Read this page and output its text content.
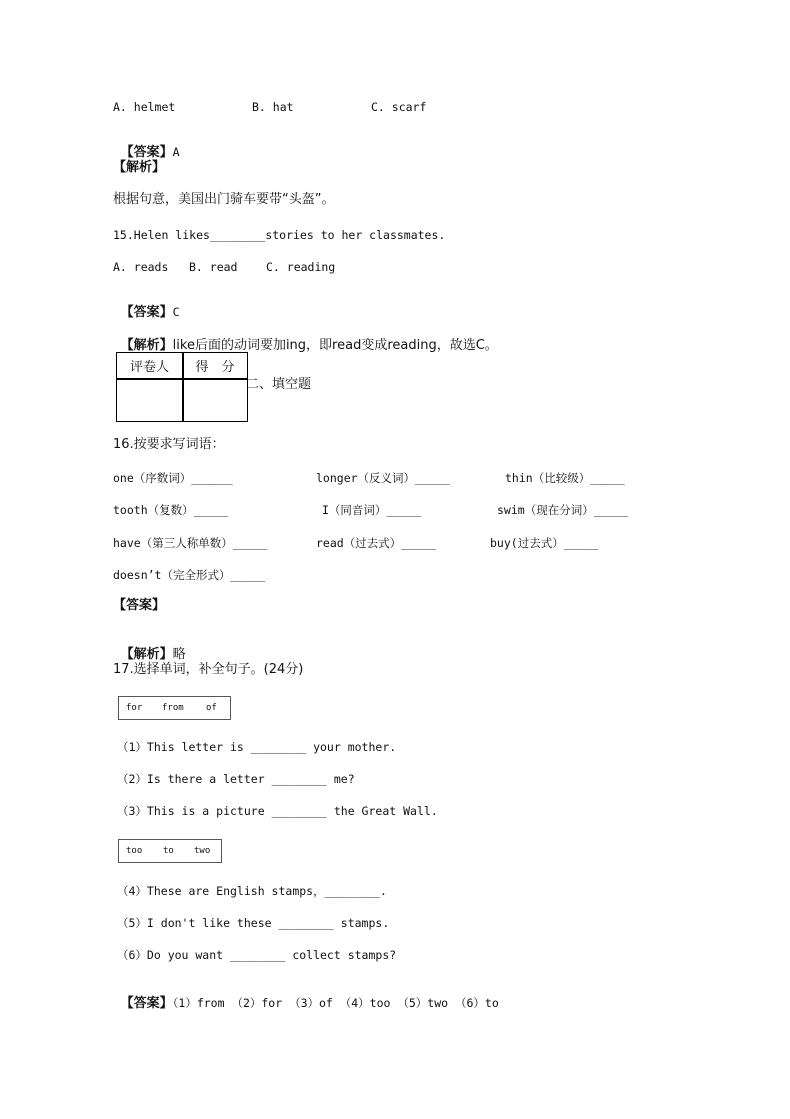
A. helmet	B. hat	C. scarf

【答案】A

【解析】
根据句意，美国出门骑车要带“头盔”。
15.Helen likes________stories to her classmates.
A. reads B. read C. reading

【答案】C

【解析】like后面的动词要加ing，即read变成reading，故选C。

评卷人	得　分
二、填空题
16.按要求写词语：
one（序数词）______	longer（反义词）_____	thin（比较级）_____
tooth（复数）_____	I（同音词）_____	swim（现在分词）_____
have（第三人称单数）_____	read（过去式）_____	buy(过去式）_____
doesn’t（完全形式）_____
【答案】

【解析】略

17.选择单词，补全句子。(24分)
for from of
（1）This letter is ________ your mother.
（2）Is there a letter ________ me?
（3）This is a picture ________ the Great Wall.
too to two
（4）These are English stamps，________.
（5）I don't like these ________ stamps.
（6）Do you want ________ collect stamps?

【答案】（1）from （2）for （3）of （4）too （5）two （6）to
